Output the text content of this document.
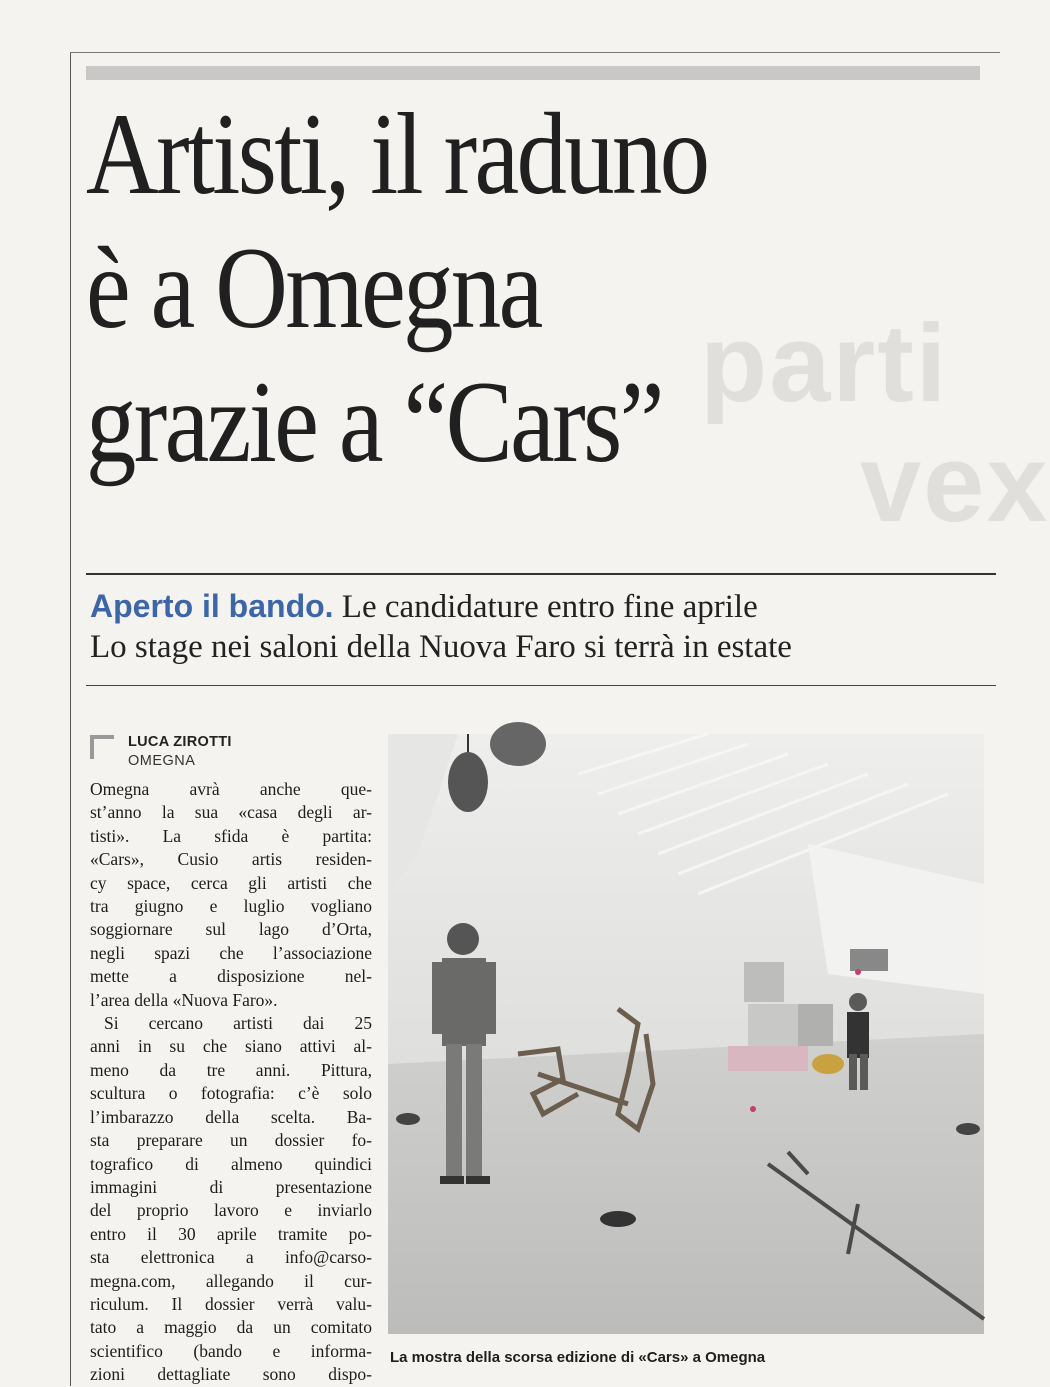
parti
vex
Artisti, il raduno
è a Omegna
grazie a “Cars”
Aperto il bando. Le candidature entro fine aprile
Lo stage nei saloni della Nuova Faro si terrà in estate
LUCA ZIROTTI
OMEGNA
Omegna avrà anche que-
st’anno la sua «casa degli ar-
tisti». La sfida è partita:
«Cars», Cusio artis residen-
cy space, cerca gli artisti che
tra giugno e luglio vogliano
soggiornare sul lago d’Orta,
negli spazi che l’associazione
mette a disposizione nel-
l’area della «Nuova Faro».
Si cercano artisti dai 25
anni in su che siano attivi al-
meno da tre anni. Pittura,
scultura o fotografia: c’è solo
l’imbarazzo della scelta. Ba-
sta preparare un dossier fo-
tografico di almeno quindici
immagini di presentazione
del proprio lavoro e inviarlo
entro il 30 aprile tramite po-
sta elettronica a info@carso-
megna.com, allegando il cur-
riculum. Il dossier verrà valu-
tato a maggio da un comitato
scientifico (bando e informa-
zioni dettagliate sono dispo-
La mostra della scorsa edizione di «Cars» a Omegna
